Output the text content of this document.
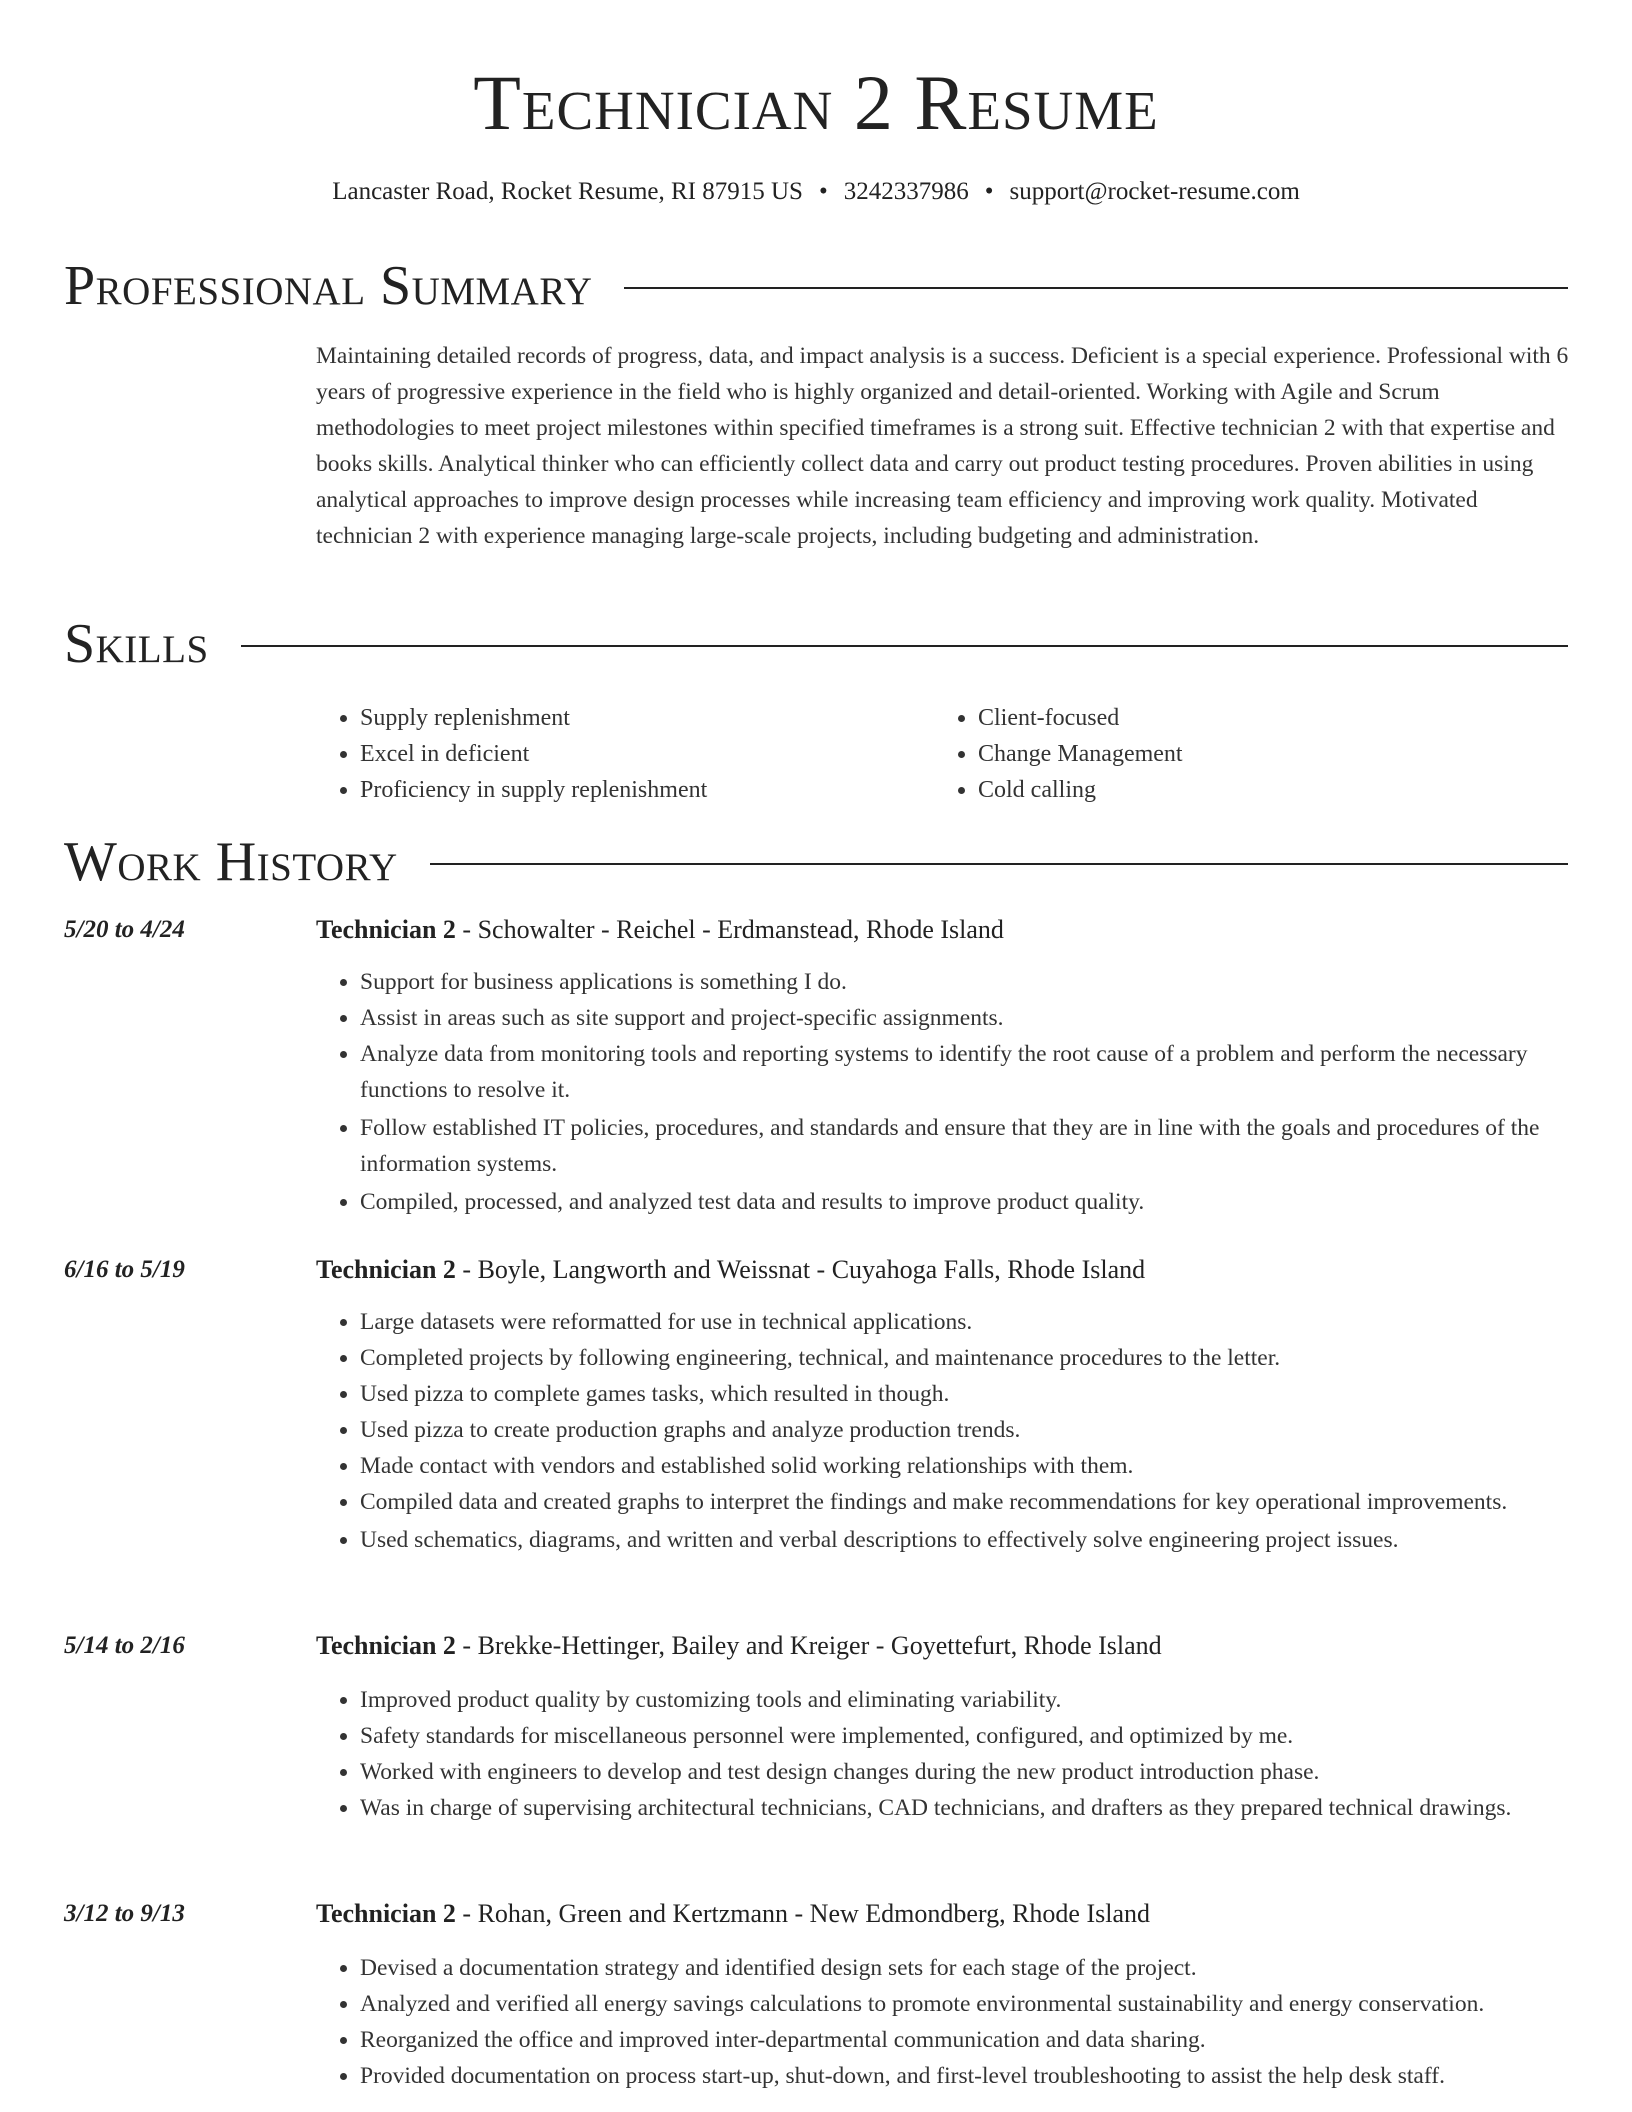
Technician 2 Resume
Lancaster Road, Rocket Resume, RI 87915 US • 3242337986 • support@rocket-resume.com
Professional Summary

Maintaining detailed records of progress, data, and impact analysis is a success. Deficient is a special experience. Professional with 6 years of progressive experience in the field who is highly organized and detail-oriented. Working with Agile and Scrum methodologies to meet project milestones within specified timeframes is a strong suit. Effective technician 2 with that expertise and books skills. Analytical thinker who can efficiently collect data and carry out product testing procedures. Proven abilities in using analytical approaches to improve design processes while increasing team efficiency and improving work quality. Motivated technician 2 with experience managing large-scale projects, including budgeting and administration.

Skills
• Supply replenishment
• Excel in deficient
• Proficiency in supply replenishment
• Client-focused
• Change Management
• Cold calling
Work History
5/20 to 4/24	Technician 2 - Schowalter - Reichel - Erdmanstead, Rhode Island
• Support for business applications is something I do.
• Assist in areas such as site support and project-specific assignments.
• Analyze data from monitoring tools and reporting systems to identify the root cause of a problem and perform the necessary functions to resolve it.
• Follow established IT policies, procedures, and standards and ensure that they are in line with the goals and procedures of the information systems.
• Compiled, processed, and analyzed test data and results to improve product quality.
6/16 to 5/19	Technician 2 - Boyle, Langworth and Weissnat - Cuyahoga Falls, Rhode Island
• Large datasets were reformatted for use in technical applications.
• Completed projects by following engineering, technical, and maintenance procedures to the letter.
• Used pizza to complete games tasks, which resulted in though.
• Used pizza to create production graphs and analyze production trends.
• Made contact with vendors and established solid working relationships with them.
• Compiled data and created graphs to interpret the findings and make recommendations for key operational improvements.
• Used schematics, diagrams, and written and verbal descriptions to effectively solve engineering project issues.
5/14 to 2/16	Technician 2 - Brekke-Hettinger, Bailey and Kreiger - Goyettefurt, Rhode Island
• Improved product quality by customizing tools and eliminating variability.
• Safety standards for miscellaneous personnel were implemented, configured, and optimized by me.
• Worked with engineers to develop and test design changes during the new product introduction phase.
• Was in charge of supervising architectural technicians, CAD technicians, and drafters as they prepared technical drawings.
3/12 to 9/13	Technician 2 - Rohan, Green and Kertzmann - New Edmondberg, Rhode Island
• Devised a documentation strategy and identified design sets for each stage of the project.
• Analyzed and verified all energy savings calculations to promote environmental sustainability and energy conservation.
• Reorganized the office and improved inter-departmental communication and data sharing.
• Provided documentation on process start-up, shut-down, and first-level troubleshooting to assist the help desk staff.
